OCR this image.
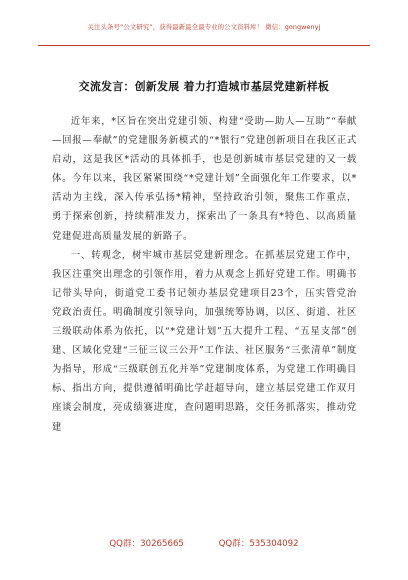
关注头条号“公文研究”，获得最新最全最专业的公文资料库！ 微信：gongwenyj
交流发言：创新发展 着力打造城市基层党建新样板

近年来，*区旨在突出党建引领、构建“受助—助人—互助”“奉献—回报—奉献”的党建服务新模式的“*银行”党建创新项目在我区正式启动，这是我区*活动的具体抓手，也是创新城市基层党建的又一载体。今年以来，我区紧紧围绕“*党建计划”全面强化年工作要求，以*活动为主线，深入传承弘扬*精神，坚持政治引领，聚焦工作重点，勇于探索创新，持续精准发力，探索出了一条具有*特色、以高质量党建促进高质量发展的新路子。

一、转观念，树牢城市基层党建新理念。在抓基层党建工作中，我区注重突出理念的引领作用，着力从观念上抓好党建工作。明确书记带头导向，街道党工委书记领办基层党建项目23个，压实管党治党政治责任。明确制度引领导向，加强统筹协调，以区、街道、社区三级联动体系为依托，以“*党建计划”五大提升工程、“五星支部”创建、区域化党建“三征三议三公开”工作法、社区服务“三张清单”制度为指导，形成“三级联创五化并举”党建制度体系，为党建工作明确目标、指出方向，提供遵循明确比学赶超导向，建立基层党建工作双月座谈会制度，亮成绩赛进度，查问题明思路，交任务抓落实，推动党建

QQ群：30265665	QQ群：535304092
